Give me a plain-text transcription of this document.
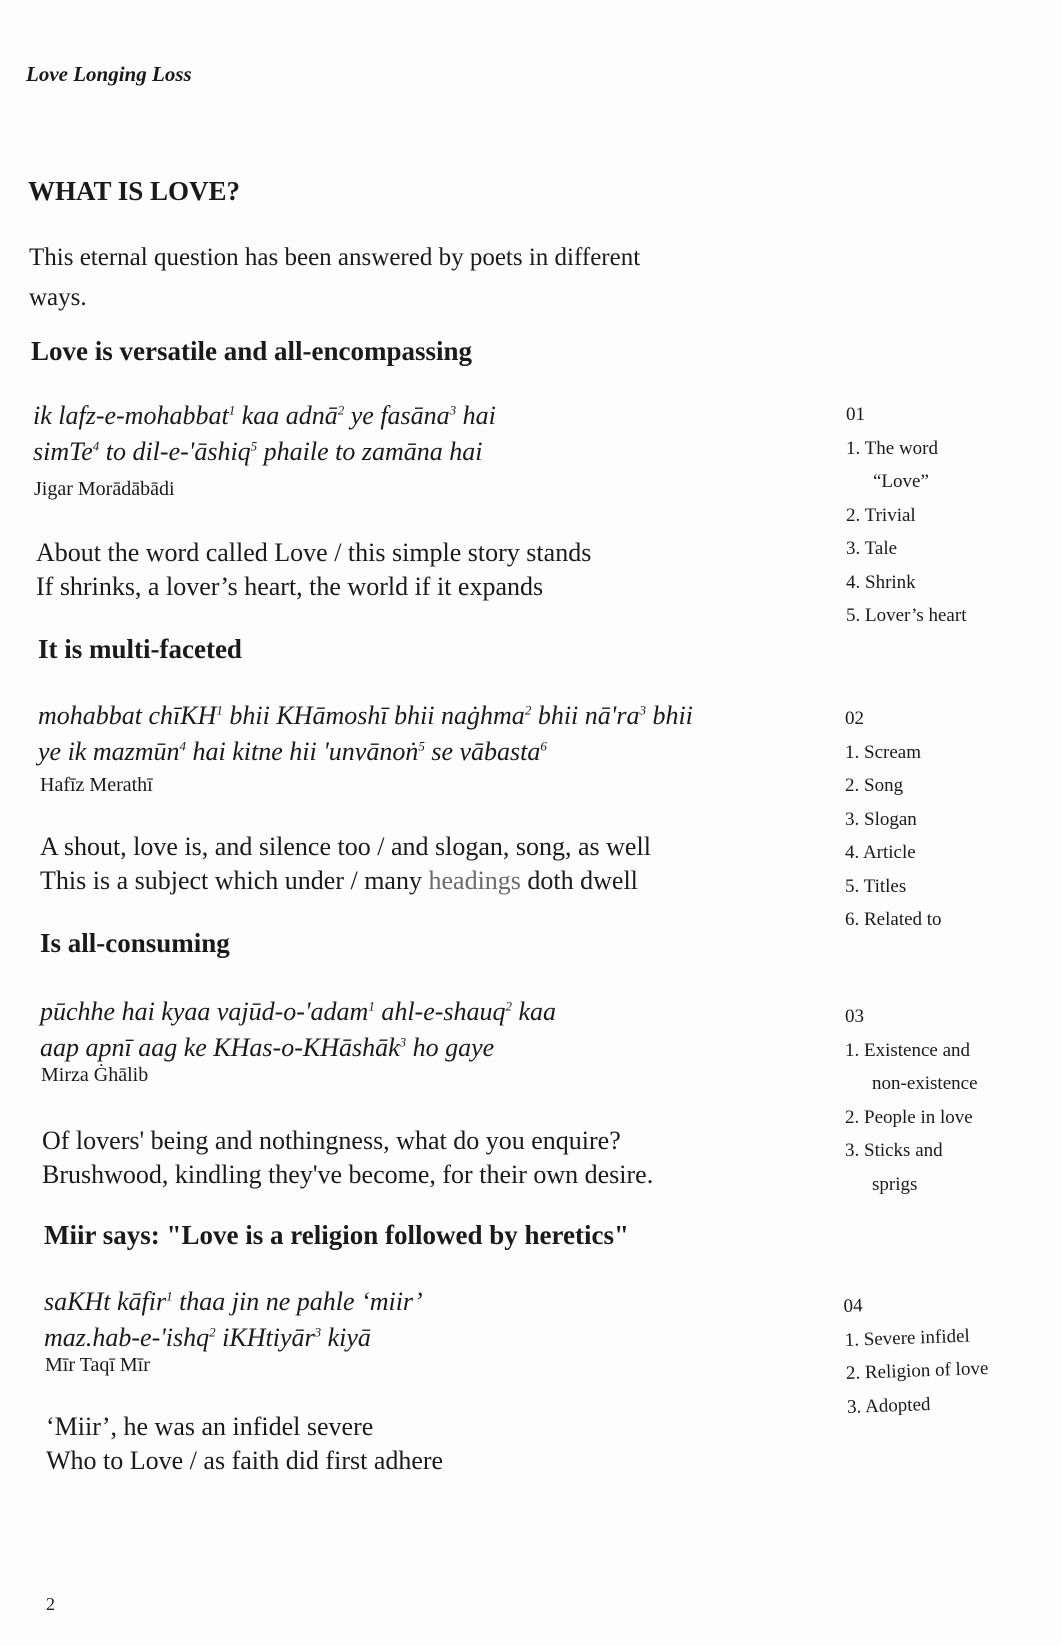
Love Longing Loss
WHAT IS LOVE?
This eternal question has been answered by poets in different
ways.
Love is versatile and all-encompassing
ik lafz-e-mohabbat$^1$ kaa adnā$^2$ ye fasāna$^3$ hai
simTe$^4$ to dil-e-'āshiq$^5$ phaile to zamāna hai
Jigar Morādābādi
About the word called Love / this simple story stands
If shrinks, a lover’s heart, the world if it expands
01
1. The word
“Love”
2. Trivial
3. Tale
4. Shrink
5. Lover’s heart
It is multi-faceted
mohabbat chīKH$^1$ bhii KHāmoshī bhii naġhma$^2$ bhii $nā'ra^3$ bhii
ye ik mazmūn$^4$ hai kitne hii 'unvānoṅ$^5$ se vābasta$^6$
Hafīz Merathī
A shout, love is, and silence too / and slogan, song, as well
This is a subject which under / many headings doth dwell
02
1. Scream
2. Song
3. Slogan
4. Article
5. Titles
6. Related to
Is all-consuming
pūchhe hai kyaa vajūd-o-'adam$^1$ ahl-e-shauq$^2$ kaa
aap apnī aag ke KHas-o-KHāshāk$^3$ ho gaye
Mirza Ġhālib
Of lovers' being and nothingness, what do you enquire?
Brushwood, kindling they've become, for their own desire.
03
1. Existence and
non-existence
2. People in love
3. Sticks and
sprigs
Miir says: "Love is a religion followed by heretics"
saKHt kāfir$^1$ thaa jin ne pahle ‘miir’
maz.hab-e-'ishq$^2$ iKHtiyār$^3$ kiyā
Mīr Taqī Mīr
‘Miir’, he was an infidel severe
Who to Love / as faith did first adhere
04
1. Severe infidel
2. Religion of love
3. Adopted
2
